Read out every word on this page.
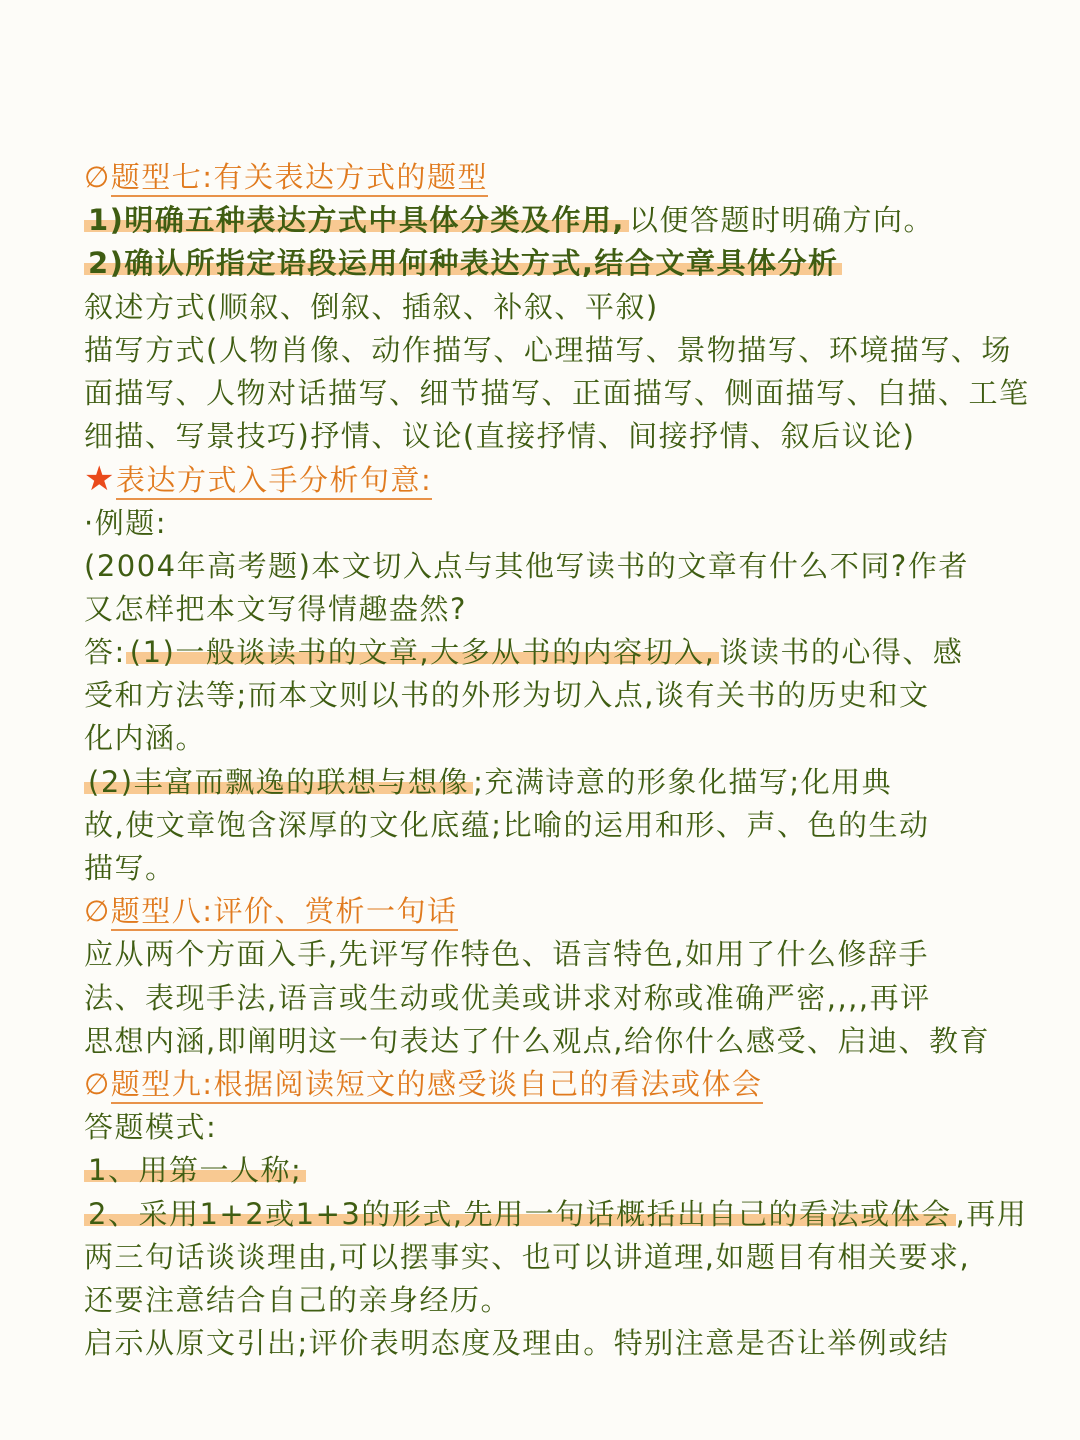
∅题型七:有关表达方式的题型
1)明确五种表达方式中具体分类及作用, 以便答题时明确方向。
2)确认所指定语段运用何种表达方式,结合文章具体分析
叙述方式(顺叙、倒叙、插叙、补叙、平叙)
描写方式(人物肖像、动作描写、心理描写、景物描写、环境描写、场
面描写、人物对话描写、细节描写、正面描写、侧面描写、白描、工笔
细描、写景技巧)抒情、议论(直接抒情、间接抒情、叙后议论)
★表达方式入手分析句意:
·例题:
(2004年高考题)本文切入点与其他写读书的文章有什么不同?作者
又怎样把本文写得情趣盎然?
答: (1)一般谈读书的文章,大多从书的内容切入, 谈读书的心得、感
受和方法等;而本文则以书的外形为切入点,谈有关书的历史和文
化内涵。
(2)丰富而飘逸的联想与想像 ;充满诗意的形象化描写;化用典
故,使文章饱含深厚的文化底蕴;比喻的运用和形、声、色的生动
描写。
∅题型八:评价、赏析一句话
应从两个方面入手,先评写作特色、语言特色,如用了什么修辞手
法、表现手法,语言或生动或优美或讲求对称或准确严密,,,,再评
思想内涵,即阐明这一句表达了什么观点,给你什么感受、启迪、教育
∅题型九:根据阅读短文的感受谈自己的看法或体会
答题模式:
1、用第一人称;
2、采用1+2或1+3的形式,先用一句话概括出自己的看法或体会 ,再用
两三句话谈谈理由,可以摆事实、也可以讲道理,如题目有相关要求,
还要注意结合自己的亲身经历。
启示从原文引出;评价表明态度及理由。特别注意是否让举例或结
